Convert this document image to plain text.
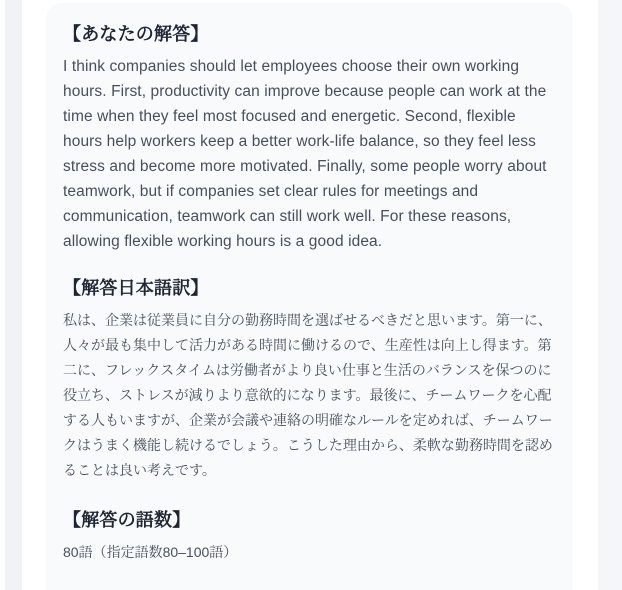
【あなたの解答】
I think companies should let employees choose their own working
hours. First, productivity can improve because people can work at the
time when they feel most focused and energetic. Second, flexible
hours help workers keep a better work-life balance, so they feel less
stress and become more motivated. Finally, some people worry about
teamwork, but if companies set clear rules for meetings and
communication, teamwork can still work well. For these reasons,
allowing flexible working hours is a good idea.
【解答日本語訳】
私は、企業は従業員に自分の勤務時間を選ばせるべきだと思います。第一に、
人々が最も集中して活力がある時間に働けるので、生産性は向上し得ます。第
二に、フレックスタイムは労働者がより良い仕事と生活のバランスを保つのに
役立ち、ストレスが減りより意欲的になります。最後に、チームワークを心配
する人もいますが、企業が会議や連絡の明確なルールを定めれば、チームワー
クはうまく機能し続けるでしょう。こうした理由から、柔軟な勤務時間を認め
ることは良い考えです。
【解答の語数】
80語（指定語数80–100語）
